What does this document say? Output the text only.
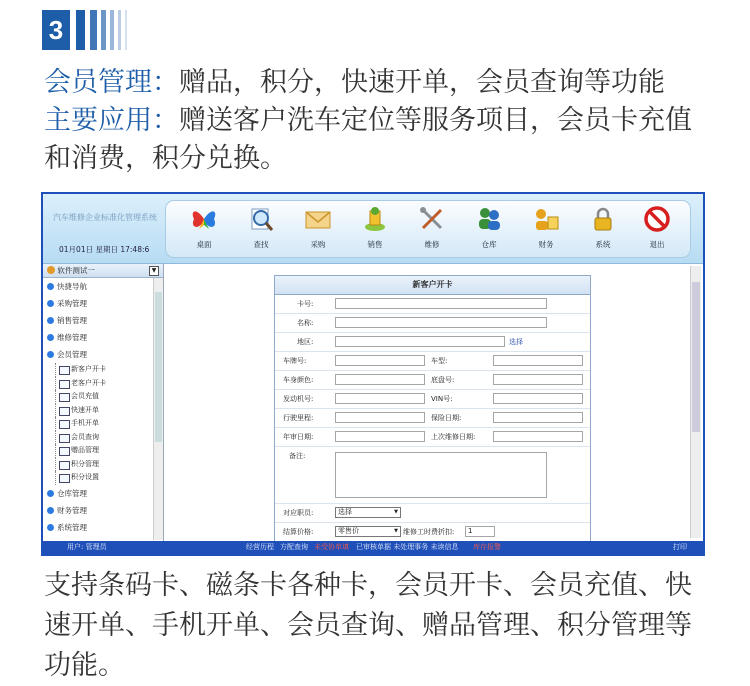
3
会员管理：赠品，积分，快速开单，会员查询等功能
主要应用：赠送客户洗车定位等服务项目，会员卡充值和消费，积分兑换。
汽车维修企业标准化管理系统
01月01日 星期日 17:48:6
桌面	查找	采购	销售	维修	仓库	财务	系统	退出
软件测试一	▼
快捷导航
采购管理
销售管理
维修管理
会员管理
新客户开卡
老客户开卡
会员充值
快速开单
手机开单
会员查询
赠品管理
积分管理
积分设置
仓库管理
财务管理
系统管理
新客户开卡
卡号:
名称:
地区:	选择
车牌号:	车型:
车身颜色:	底盘号:
发动机号:	VIN号:
行驶里程:	保险日期:
年审日期:	上次维修日期:
备注:
对应职员:	选择 ▼
结算价格:	零售价 ▼	维修工时费折扣:	1
用户: 管理员	经营历程 方配查询 未受协单填 已审核单据 未处理事务 未读信息 库存报警	打印
支持条码卡、磁条卡各种卡，会员开卡、会员充值、快速开单、手机开单、会员查询、赠品管理、积分管理等功能。
